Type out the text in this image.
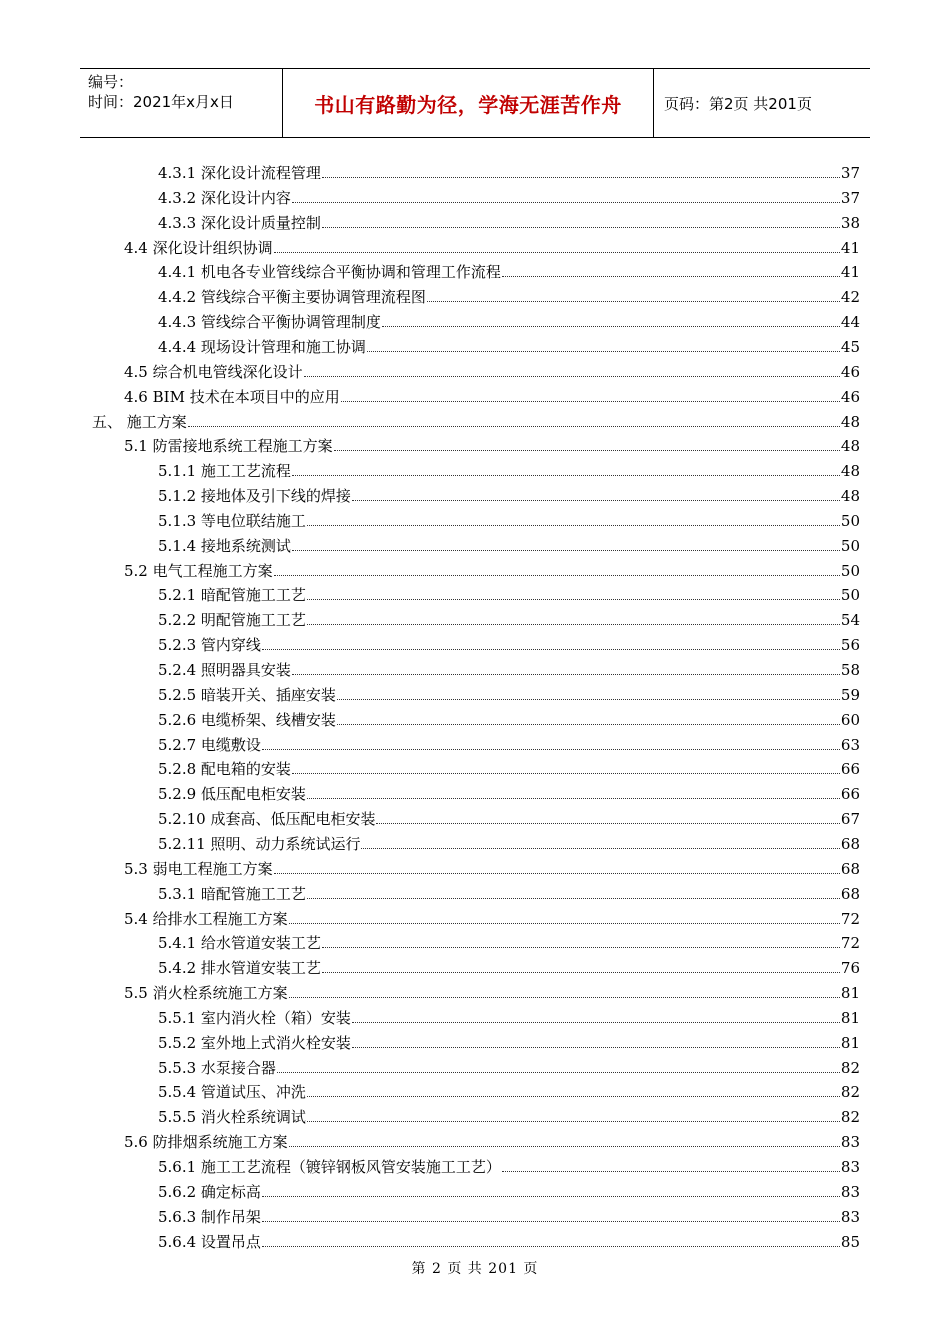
编号：
时间：2021年x月x日	书山有路勤为径，学海无涯苦作舟	页码：第2页 共201页
4.3.1 深化设计流程管理	37
4.3.2 深化设计内容	37
4.3.3 深化设计质量控制	38
4.4 深化设计组织协调	41
4.4.1 机电各专业管线综合平衡协调和管理工作流程	41
4.4.2 管线综合平衡主要协调管理流程图	42
4.4.3 管线综合平衡协调管理制度	44
4.4.4 现场设计管理和施工协调	45
4.5 综合机电管线深化设计	46
4.6 BIM 技术在本项目中的应用	46
五、 施工方案	48
5.1 防雷接地系统工程施工方案	48
5.1.1 施工工艺流程	48
5.1.2 接地体及引下线的焊接	48
5.1.3 等电位联结施工	50
5.1.4 接地系统测试	50
5.2 电气工程施工方案	50
5.2.1 暗配管施工工艺	50
5.2.2 明配管施工工艺	54
5.2.3 管内穿线	56
5.2.4 照明器具安装	58
5.2.5 暗装开关、插座安装	59
5.2.6 电缆桥架、线槽安装	60
5.2.7 电缆敷设	63
5.2.8 配电箱的安装	66
5.2.9 低压配电柜安装	66
5.2.10 成套高、低压配电柜安装	67
5.2.11 照明、动力系统试运行	68
5.3 弱电工程施工方案	68
5.3.1 暗配管施工工艺	68
5.4 给排水工程施工方案	72
5.4.1 给水管道安装工艺	72
5.4.2 排水管道安装工艺	76
5.5 消火栓系统施工方案	81
5.5.1 室内消火栓（箱）安装	81
5.5.2 室外地上式消火栓安装	81
5.5.3 水泵接合器	82
5.5.4 管道试压、冲洗	82
5.5.5 消火栓系统调试	82
5.6 防排烟系统施工方案	83
5.6.1 施工工艺流程（镀锌钢板风管安装施工工艺）	83
5.6.2 确定标高	83
5.6.3 制作吊架	83
5.6.4 设置吊点	85
第 2 页 共 201 页
